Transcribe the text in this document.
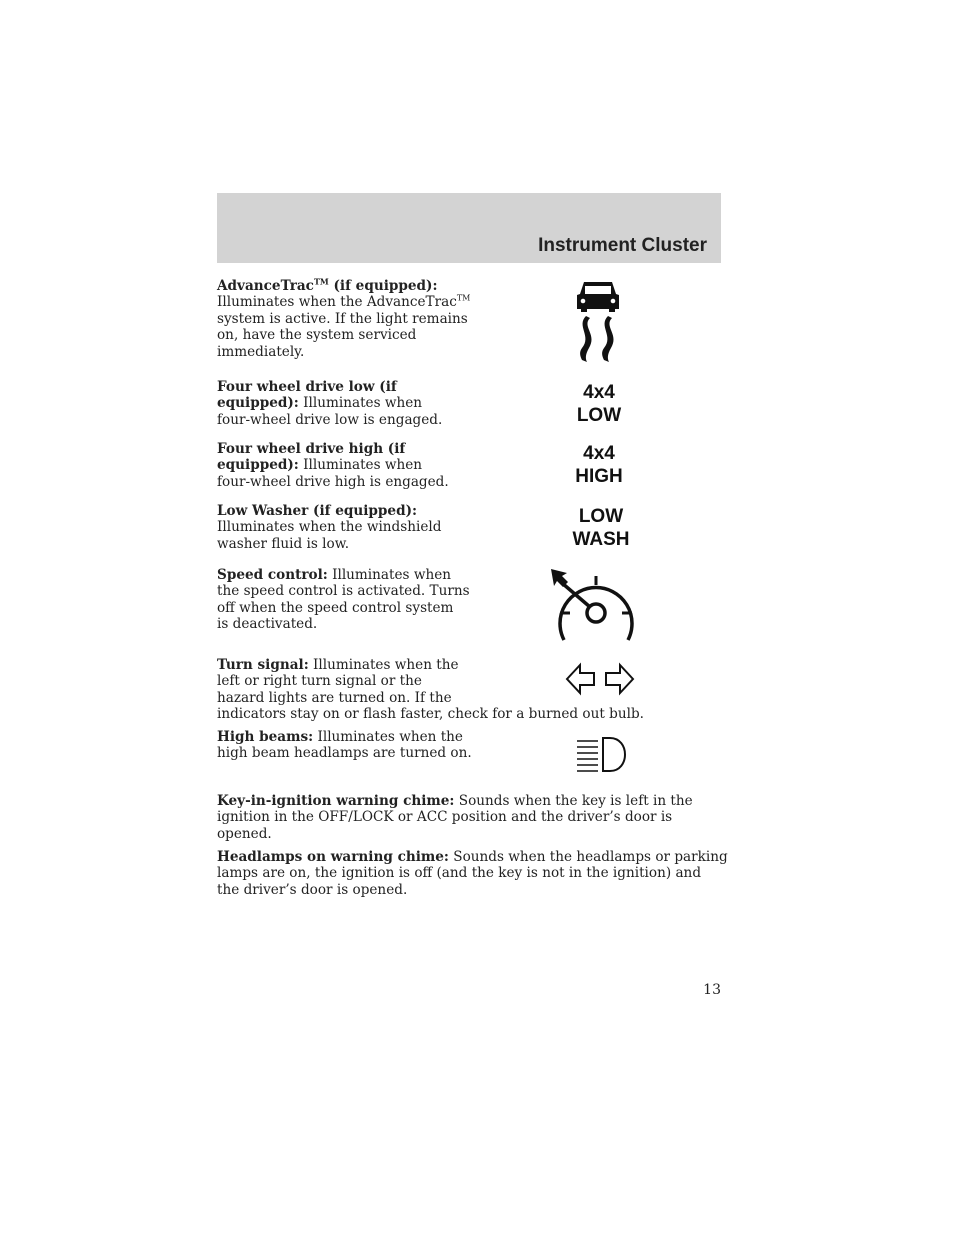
Instrument Cluster
AdvanceTrac™ (if equipped):
Illuminates when the AdvanceTrac™
system is active. If the light remains
on, have the system serviced
immediately.
Four wheel drive low (if
equipped): Illuminates when
four-wheel drive low is engaged.
4x4
LOW
Four wheel drive high (if
equipped): Illuminates when
four-wheel drive high is engaged.
4x4
HIGH
Low Washer (if equipped):
Illuminates when the windshield
washer fluid is low.
LOW
WASH
Speed control: Illuminates when
the speed control is activated. Turns
off when the speed control system
is deactivated.
Turn signal: Illuminates when the
left or right turn signal or the
hazard lights are turned on. If the
indicators stay on or flash faster, check for a burned out bulb.
High beams: Illuminates when the
high beam headlamps are turned on.
Key-in-ignition warning chime: Sounds when the key is left in the
ignition in the OFF/LOCK or ACC position and the driver’s door is
opened.
Headlamps on warning chime: Sounds when the headlamps or parking
lamps are on, the ignition is off (and the key is not in the ignition) and
the driver’s door is opened.
13
